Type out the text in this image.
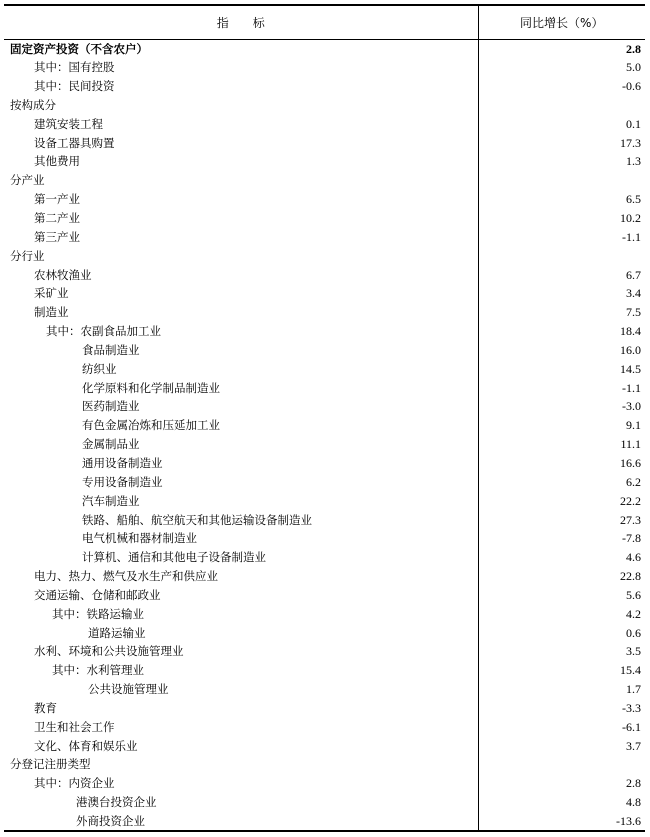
指　　标	同比增长（%）
固定资产投资（不含农户）	2.8
其中：国有控股	5.0
其中：民间投资	-0.6
按构成分	
建筑安装工程	0.1
设备工器具购置	17.3
其他费用	1.3
分产业	
第一产业	6.5
第二产业	10.2
第三产业	-1.1
分行业	
农林牧渔业	6.7
采矿业	3.4
制造业	7.5
其中：农副食品加工业	18.4
食品制造业	16.0
纺织业	14.5
化学原料和化学制品制造业	-1.1
医药制造业	-3.0
有色金属冶炼和压延加工业	9.1
金属制品业	11.1
通用设备制造业	16.6
专用设备制造业	6.2
汽车制造业	22.2
铁路、船舶、航空航天和其他运输设备制造业	27.3
电气机械和器材制造业	-7.8
计算机、通信和其他电子设备制造业	4.6
电力、热力、燃气及水生产和供应业	22.8
交通运输、仓储和邮政业	5.6
其中：铁路运输业	4.2
道路运输业	0.6
水利、环境和公共设施管理业	3.5
其中：水利管理业	15.4
公共设施管理业	1.7
教育	-3.3
卫生和社会工作	-6.1
文化、体育和娱乐业	3.7
分登记注册类型	
其中：内资企业	2.8
港澳台投资企业	4.8
外商投资企业	-13.6
